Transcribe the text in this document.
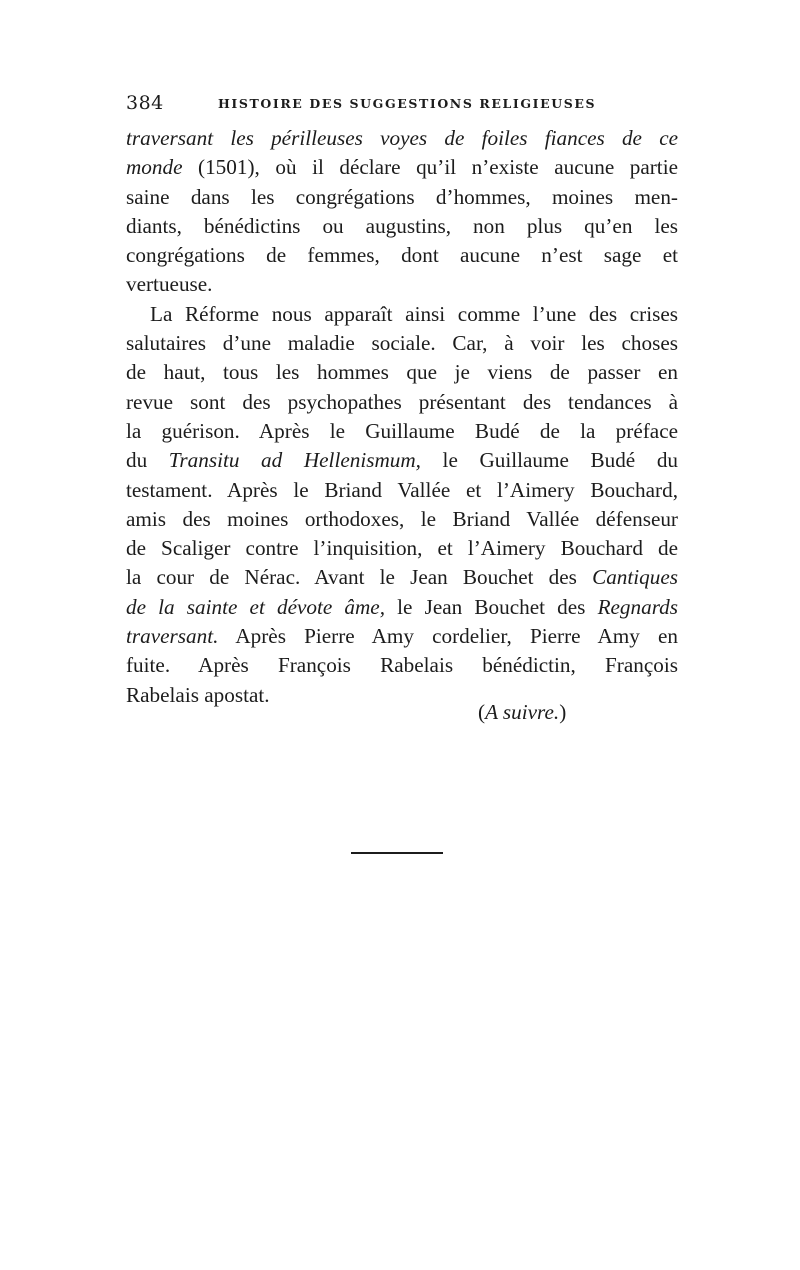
384	HISTOIRE DES SUGGESTIONS RELIGIEUSES
traversant les périlleuses voyes de foiles fiances de ce
monde (1501), où il déclare qu’il n’existe aucune partie
saine dans les congrégations d’hommes, moines men-
diants, bénédictins ou augustins, non plus qu’en les
congrégations de femmes, dont aucune n’est sage et
vertueuse.
La Réforme nous apparaît ainsi comme l’une des crises
salutaires d’une maladie sociale. Car, à voir les choses
de haut, tous les hommes que je viens de passer en
revue sont des psychopathes présentant des tendances à
la guérison. Après le Guillaume Budé de la préface
du Transitu ad Hellenismum, le Guillaume Budé du
testament. Après le Briand Vallée et l’Aimery Bouchard,
amis des moines orthodoxes, le Briand Vallée défenseur
de Scaliger contre l’inquisition, et l’Aimery Bouchard de
la cour de Nérac. Avant le Jean Bouchet des Cantiques
de la sainte et dévote âme, le Jean Bouchet des Regnards
traversant. Après Pierre Amy cordelier, Pierre Amy en
fuite. Après François Rabelais bénédictin, François
Rabelais apostat.
(A suivre.)
